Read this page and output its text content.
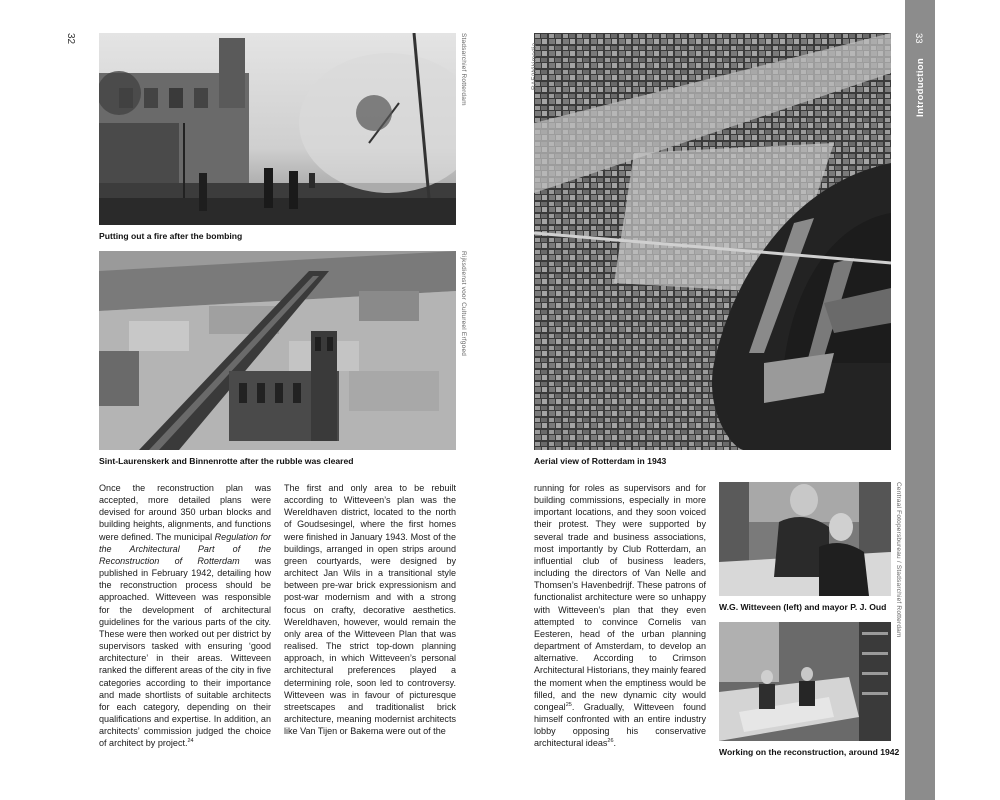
32	33
Introduction
Stadsarchief Rotterdam
Putting out a fire after the bombing
Rijksdienst voor Cultureel Erfgoed
Sint-Laurenskerk and Binnenrotte after the rubble was cleared
RAF/Wikimedia
Aerial view of Rotterdam in 1943
W.G. Witteveen (left) and mayor P. J. Oud
Working on the reconstruction, around 1942
Centraal Fotopersbureau / Stadsarchief Rotterdam

Once the reconstruction plan was accepted, more detailed plans were devised for around 350 urban blocks and building heights, alignments, and functions were defined. The municipal Regulation for the Architectural Part of the Reconstruction of Rotterdam was published in February 1942, detailing how the reconstruction process should be approached. Witteveen was responsible for the development of architectural guidelines for the various parts of the city. These were then worked out per district by supervisors tasked with ensuring ‘good architecture’ in their areas. Witteveen ranked the different areas of the city in five categories according to their importance and made shortlists of suitable architects for each category, depending on their qualifications and expertise. In addition, an architects’ commission judged the choice of architect by project.$^{24}$

The first and only area to be rebuilt according to Witteveen’s plan was the Wereldhaven district, located to the north of Goudsesingel, where the first homes were finished in January 1943. Most of the buildings, arranged in open strips around green courtyards, were designed by architect Jan Wils in a transitional style between pre-war brick expressionism and post-war modernism and with a strong focus on crafty, decorative aesthetics. Wereldhaven, however, would remain the only area of the Witteveen Plan that was realised. The strict top-down planning approach, in which Witteveen’s personal architectural preferences played a determining role, soon led to controversy. Witteveen was in favour of picturesque streetscapes and traditionalist brick architecture, meaning modernist architects like Van Tijen or Bakema were out of the

running for roles as supervisors and for building commissions, especially in more important locations, and they soon voiced their protest. They were supported by several trade and business associations, most importantly by Club Rotterdam, an influential club of business leaders, including the directors of Van Nelle and Thomsen’s Havenbedrijf. These patrons of functionalist architecture were so unhappy with Witteveen’s plan that they even attempted to convince Cornelis van Eesteren, head of the urban planning department of Amsterdam, to develop an alternative. According to Crimson Architectural Historians, they mainly feared the moment when the emptiness would be filled, and the new dynamic city would congeal$^{25}$. Gradually, Witteveen found himself confronted with an entire industry lobby opposing his conservative architectural ideas$^{26}$.
